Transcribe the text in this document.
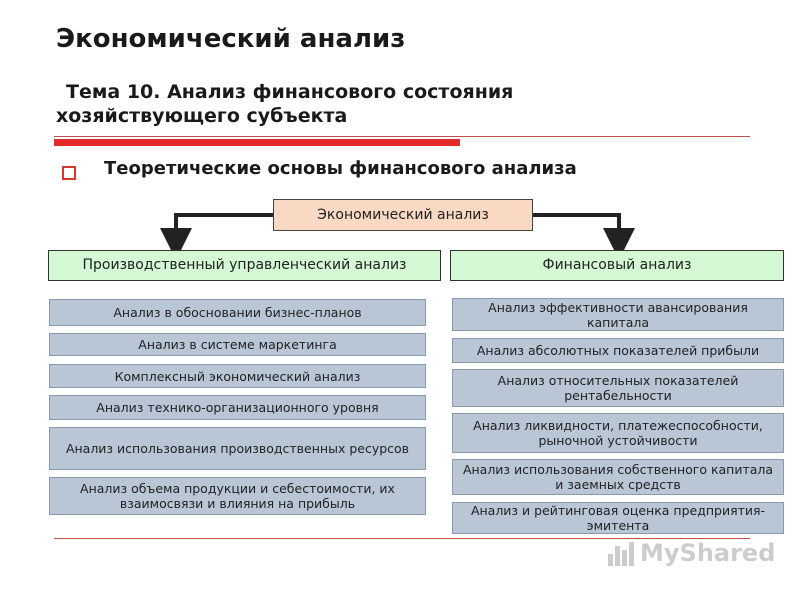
Экономический анализ
Тема 10. Анализ финансового состояния
хозяйствующего субъекта
Теоретические основы финансового анализа
Экономический анализ
Производственный управленческий анализ	Финансовый анализ
Анализ в обосновании бизнес-планов
Анализ в системе маркетинга
Комплексный экономический анализ
Анализ технико-организационного уровня
Анализ использования производственных ресурсов
Анализ объема продукции и себестоимости, их взаимосвязи и влияния на прибыль
Анализ эффективности авансирования капитала
Анализ абсолютных показателей прибыли
Анализ относительных показателей рентабельности
Анализ ликвидности, платежеспособности, рыночной устойчивости
Анализ использования собственного капитала и заемных средств
Анализ и рейтинговая оценка предприятия-эмитента
MyShared
